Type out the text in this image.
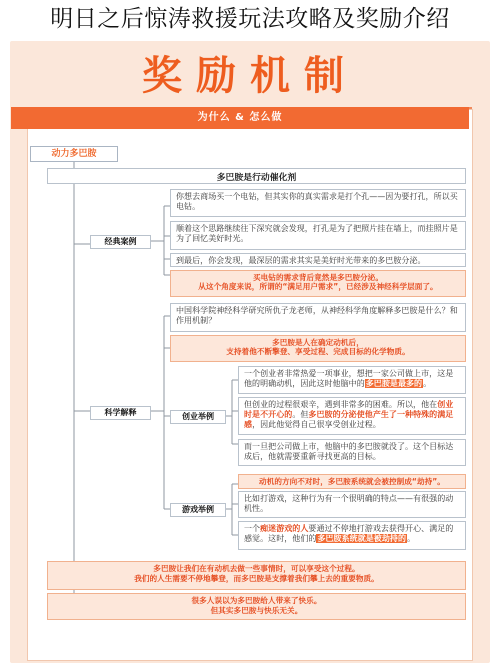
明日之后惊涛救援玩法攻略及奖励介绍
奖励机制
为什么 & 怎么做
动力多巴胺
多巴胺是行动催化剂
经典案例
你想去商场买一个电钻，但其实你的真实需求是打个孔——因为要打孔，所以买电钻。
顺着这个思路继续往下深究就会发现，打孔是为了把照片挂在墙上，而挂照片是为了回忆美好时光。
到最后，你会发现，最深层的需求其实是美好时光带来的多巴胺分泌。
买电钻的需求背后竟然是多巴胺分泌。
从这个角度来说，所谓的“满足用户需求”，已经涉及神经科学层面了。
科学解释
中国科学院神经科学研究所仇子龙老师，从神经科学角度解释多巴胺是什么？和作用机制？
多巴胺是人在确定动机后，
支持着他不断擎登、享受过程、完成目标的化学物质。
创业举例
一个创业者非常热爱一项事业，想把一家公司做上市，这是他的明确动机，因此这时他脑中的多巴胺是最多的。
但创业的过程很艰辛，遇到非常多的困难。所以，他在创业时是不开心的。但多巴胺的分泌使他产生了一种特殊的满足感，因此他觉得自己很享受创业过程。
而一旦把公司做上市，他脑中的多巴胺就没了。这个目标达成后，他就需要重新寻找更高的目标。
游戏举例
动机的方向不对时，多巴胺系统就会被控制成“劫持”。
比如打游戏，这种行为有一个很明确的特点——有很强的动机性。
一个痴迷游戏的人要通过不停地打游戏去获得开心、满足的感觉。这时，他们的多巴胺系统就是被劫持的。
多巴胺让我们在有动机去做一些事情时，可以享受这个过程。
我们的人生需要不停地攀登，而多巴胺是支撑着我们攀上去的重要物质。
很多人误以为多巴胺给人带来了快乐。
但其实多巴胺与快乐无关。
